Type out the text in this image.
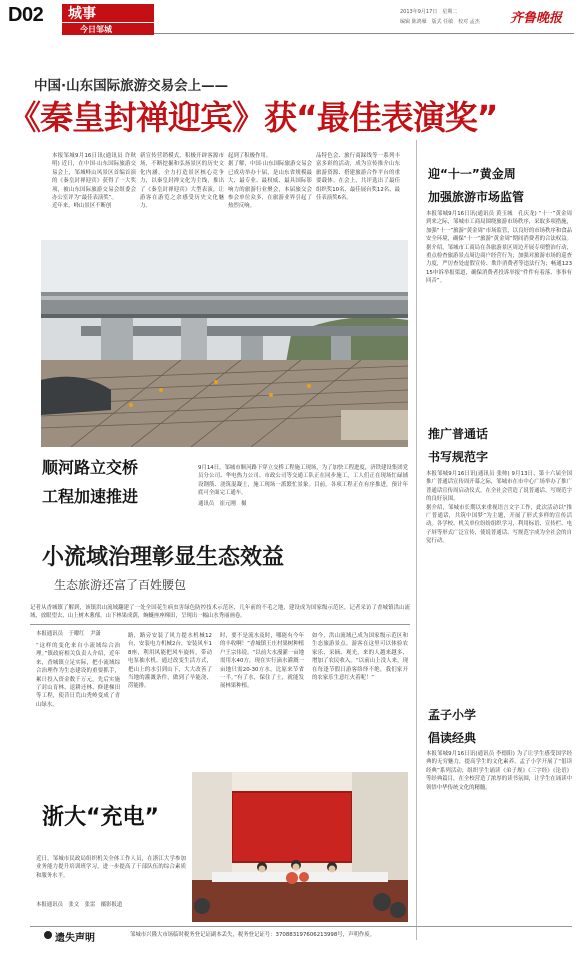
D02 城事
今日邹城
2013年9月17日　星期二
编辑 陈鸿雁　版式 任敏　校对 孟杰 齐鲁晚报
中国·山东国际旅游交易会上——
《秦皇封禅迎宾》获“最佳表演奖”
本报邹城9月16日讯(通讯员 许秋明) 近日，在中国·山东国际旅游交易会上，邹城峄山风景区首编首演的《秦皇封禅迎宾》获得了一大奖项，被山东国际旅游交易会组委会办公室评为“最佳表演奖”。
近年来，峄山景区不断创
新宣传营销模式，积极开辟客源市场，不断挖掘和弘扬景区的历史文化内涵，全力打造景区核心竞争力，以秦皇封禅文化为主线，推出了《秦皇封禅迎宾》大型表演，让游客在游览之余感受历史文化魅力。
起到了积极作用。
据了解，中国·山东国际旅游交易会已成功举办十届，是山东省规模最大、最专业、最权威、最具国际影响力的旅游行业聚会，本届旅交会参会单位众多，在旅游业界引起了热烈反响。
品特色会、旅行商踩线等一系列丰富多彩的活动，成为宣传推介山东旅游资源、搭建旅游合作平台的重要载体。在会上，共评选出了最佳组织奖10名、最佳展台奖12名、最佳表演奖6名。
迎“十一”黄金周
加强旅游市场监管
本报邹城9月16日讯(通讯员 黄玉城　孔庆龙) “十一”黄金周到来之际，邹城市工商局围绕旅游市场秩序，采取多项措施，加强“十一”旅游“黄金周”市场监管，以良好的市场秩序和食品安全环境，确保“十一”旅游“黄金周”期间消费者的合法权益。
据介绍，邹城市工商局在各旅游景区周边开展专项整治行动，重点检查旅游景点周边商户经营行为；加强对旅游市场的巡查力度，严厉查处虚假宣传、欺诈消费者等违法行为；畅通12315申诉举报渠道，确保消费者投诉举报“件件有着落、事事有回音”。
顺河路立交桥
工程加速推进
9月14日，邹城市顺河路下穿立交桥工程施工现场，为了加快工程进度，济铁建设集团党员分公司、华电热力公司、市政公司等交通工队正在同步施工，工人们正在现场忙碌铺设钢筋、浇筑混凝土，施工现场一派繁忙景象。目前，各项工程正在有序推进，预计年底可全面完工通车。
通讯员　崔元刚　摄
推广普通话
书写规范字
本报邹城9月16日讯(通讯员 张帅) 9月13日，第十六届全国推广普通话宣传周开幕之际，邹城市在市中心广场举办了推广普通话宣传周启动仪式，在全社会营造了说普通话、写规范字的良好氛围。
据介绍，邹城市长期以来重视语言文字工作，此次活动以“推广普通话，共筑中国梦”为主题，开展了形式多样的宣传活动。各学校、机关单位纷纷组织学习，利用标语、宣传栏、电子屏等形式广泛宣传，使说普通话、写规范字成为全社会的自觉行动。
小流域治理彰显生态效益
生态旅游还富了百姓腰包
记者从香城镇了解到，该镇洪山流域翻建了一处全国花生病虫害绿色防控技术示范区，几年前的不毛之地，建设成为国家级示范区，记者采访了香城镇洪山流域，放眼望去，山上树木葱郁，山下林果成荫，蜿蜒座座梯田，呈现出一幅山水秀丽画卷。
本报通讯员　于曜红　尹潇
“这样的变化来自小流域综合治理。”镇政府相关负责人介绍，近年来，香城镇立足实际，把小流域综合治理作为生态建设的重要抓手，累计投入资金数千万元，先后实施了封山育林、退耕还林、修建梯田等工程，使昔日荒山秃岭变成了青山绿水。
路，路旁安装了风力提水机械12台，安装电力机械2台，安装风车18座，利用风能把风车旋转，带动电泵抽水机。通过改变生活方式，把山上的水引到山下，大大改善了当地的灌溉条件，做到了旱能浇、涝能排。
时，要不是流水及时，哪能有今年的丰收啊！”香城镇王庄村果树种植户王宗伟说。“以前大水漫灌一亩地需用水40方，现在实行滴水灌溉一亩地只需20-30方水，比原来节省一半。”有了水，保住了土，就能发展林果种植。
如今，洪山流域已成为国家级示范区和生态旅游景点。游客在这里可以体验农家乐、采摘、观光，来的人越来越多，增加了农民收入。“以前山上没人来，现在每逢节假日游客络绎不绝，我们家开的农家乐生意红火着呢！”
孟子小学
倡读经典
本报邹城9月16日讯(通讯员 李德阳) 为了让学生感受国学经典的无穷魅力，提高学生的文化素养，孟子小学开展了“倡读经典”系列活动，组织学生诵读《弟子规》《三字经》《论语》等经典篇目，在全校营造了浓厚的读书氛围，让学生在诵读中领悟中华传统文化的精髓。
浙大“充电”
近日，邹城市民政局组织机关全体工作人员，在浙江大学参加业务能力提升培训班学习，进一步提高了干部队伍的综合素质和服务水平。
本报通讯员　张文　张雷　摄影报道
遗失声明	邹城市兴隆大市场临时税务登记证副本丢失，税务登记证号：370883197606213998号，声明作废。
